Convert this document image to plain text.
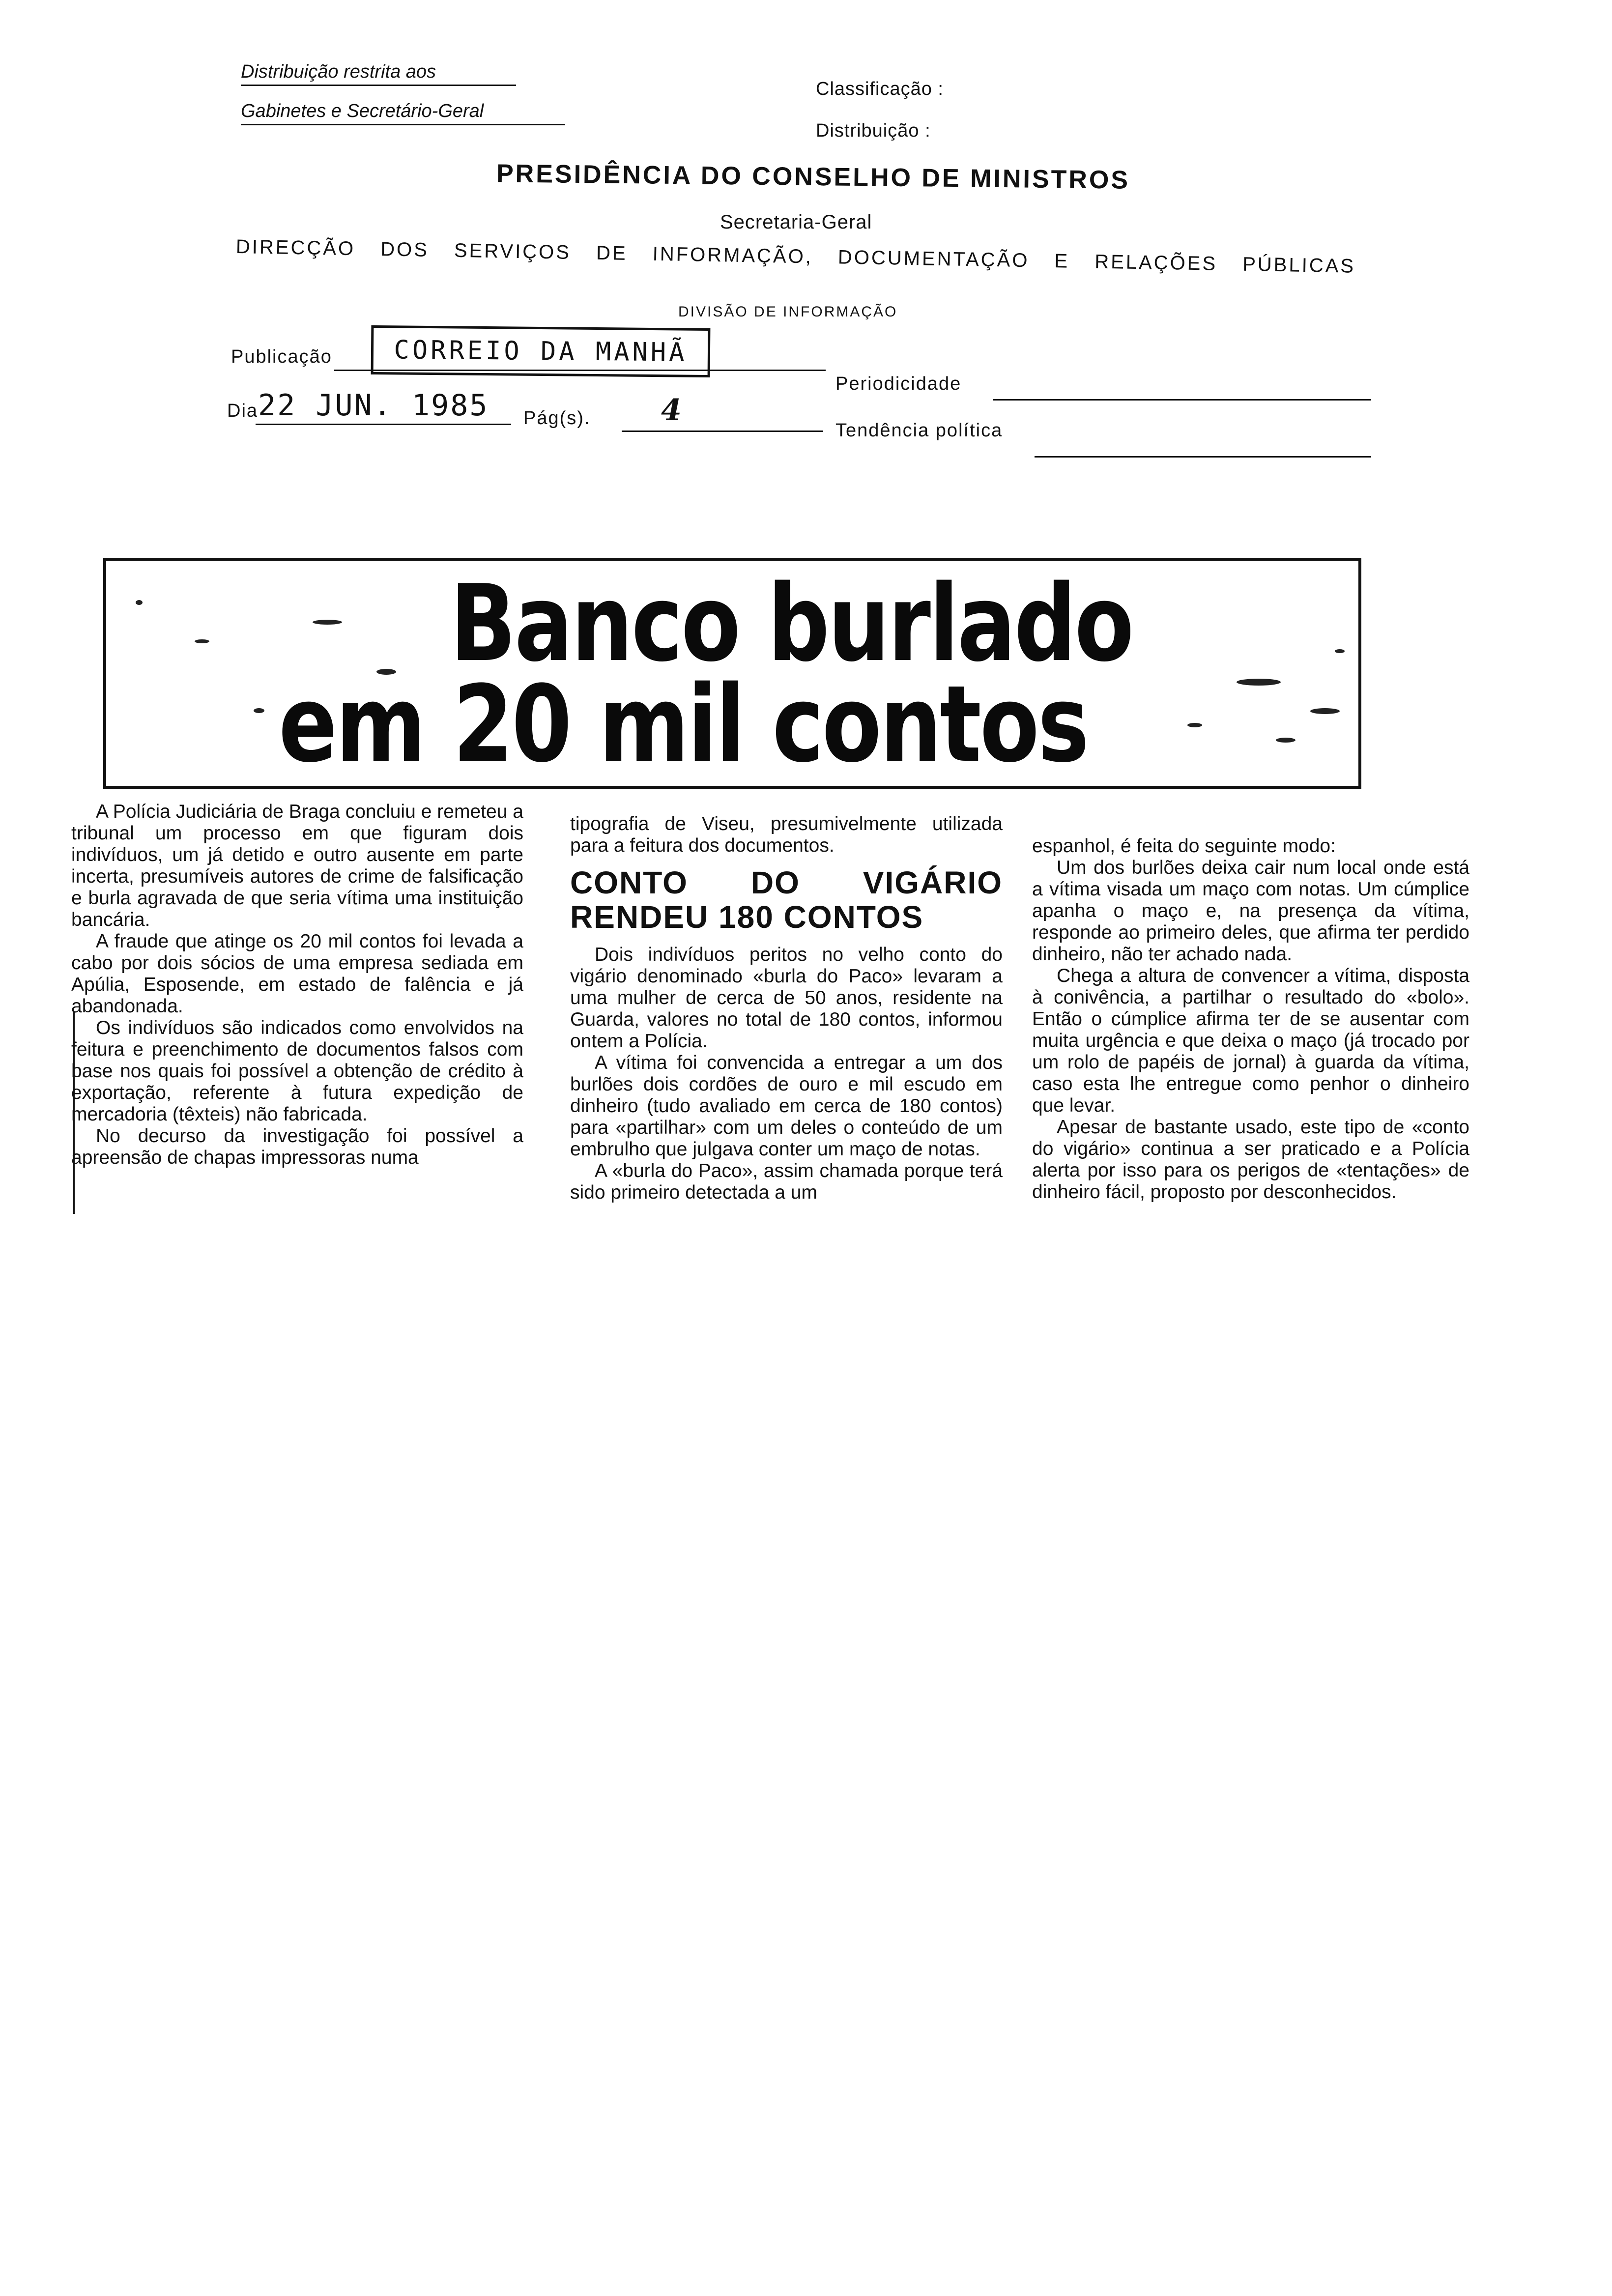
Distribuição restrita aos
Gabinetes e Secretário-Geral
Classificação :
Distribuição :
PRESIDÊNCIA DO CONSELHO DE MINISTROS
Secretaria-Geral
DIRECÇÃO DOS SERVIÇOS DE INFORMAÇÃO, DOCUMENTAÇÃO E RELAÇÕES PÚBLICAS
DIVISÃO DE INFORMAÇÃO
Publicação	CORREIO DA MANHÃ
Periodicidade
Dia 22 JUN. 1985 Pág(s). 4
Tendência política
Banco burlado
em 20 mil contos

A Polícia Judiciária de Braga concluiu e remeteu a tribunal um processo em que figuram dois indivíduos, um já detido e outro ausente em parte incerta, presumíveis autores de crime de falsificação e burla agravada de que seria vítima uma instituição bancária.

A fraude que atinge os 20 mil contos foi levada a cabo por dois sócios de uma empresa sediada em Apúlia, Esposende, em estado de falência e já abandonada.

Os indivíduos são indicados como envolvidos na feitura e preenchimento de documentos falsos com base nos quais foi possível a obtenção de crédito à exportação, referente à futura expedição de mercadoria (têxteis) não fabricada.

No decurso da investigação foi possível a apreensão de chapas impressoras numa

tipografia de Viseu, presumivelmente utilizada para a feitura dos documentos.

CONTO DO VIGÁRIO RENDEU 180 CONTOS

Dois indivíduos peritos no velho conto do vigário denominado «burla do Paco» levaram a uma mulher de cerca de 50 anos, residente na Guarda, valores no total de 180 contos, informou ontem a Polícia.

A vítima foi convencida a entregar a um dos burlões dois cordões de ouro e mil escudo em dinheiro (tudo avaliado em cerca de 180 contos) para «partilhar» com um deles o conteúdo de um embrulho que julgava conter um maço de notas.

A «burla do Paco», assim chamada porque terá sido primeiro detectada a um

espanhol, é feita do seguinte modo:

Um dos burlões deixa cair num local onde está a vítima visada um maço com notas. Um cúmplice apanha o maço e, na presença da vítima, responde ao primeiro deles, que afirma ter perdido dinheiro, não ter achado nada.

Chega a altura de convencer a vítima, disposta à conivência, a partilhar o resultado do «bolo». Então o cúmplice afirma ter de se ausentar com muita urgência e que deixa o maço (já trocado por um rolo de papéis de jornal) à guarda da vítima, caso esta lhe entregue como penhor o dinheiro que levar.

Apesar de bastante usado, este tipo de «conto do vigário» continua a ser praticado e a Polícia alerta por isso para os perigos de «tentações» de dinheiro fácil, proposto por desconhecidos.
